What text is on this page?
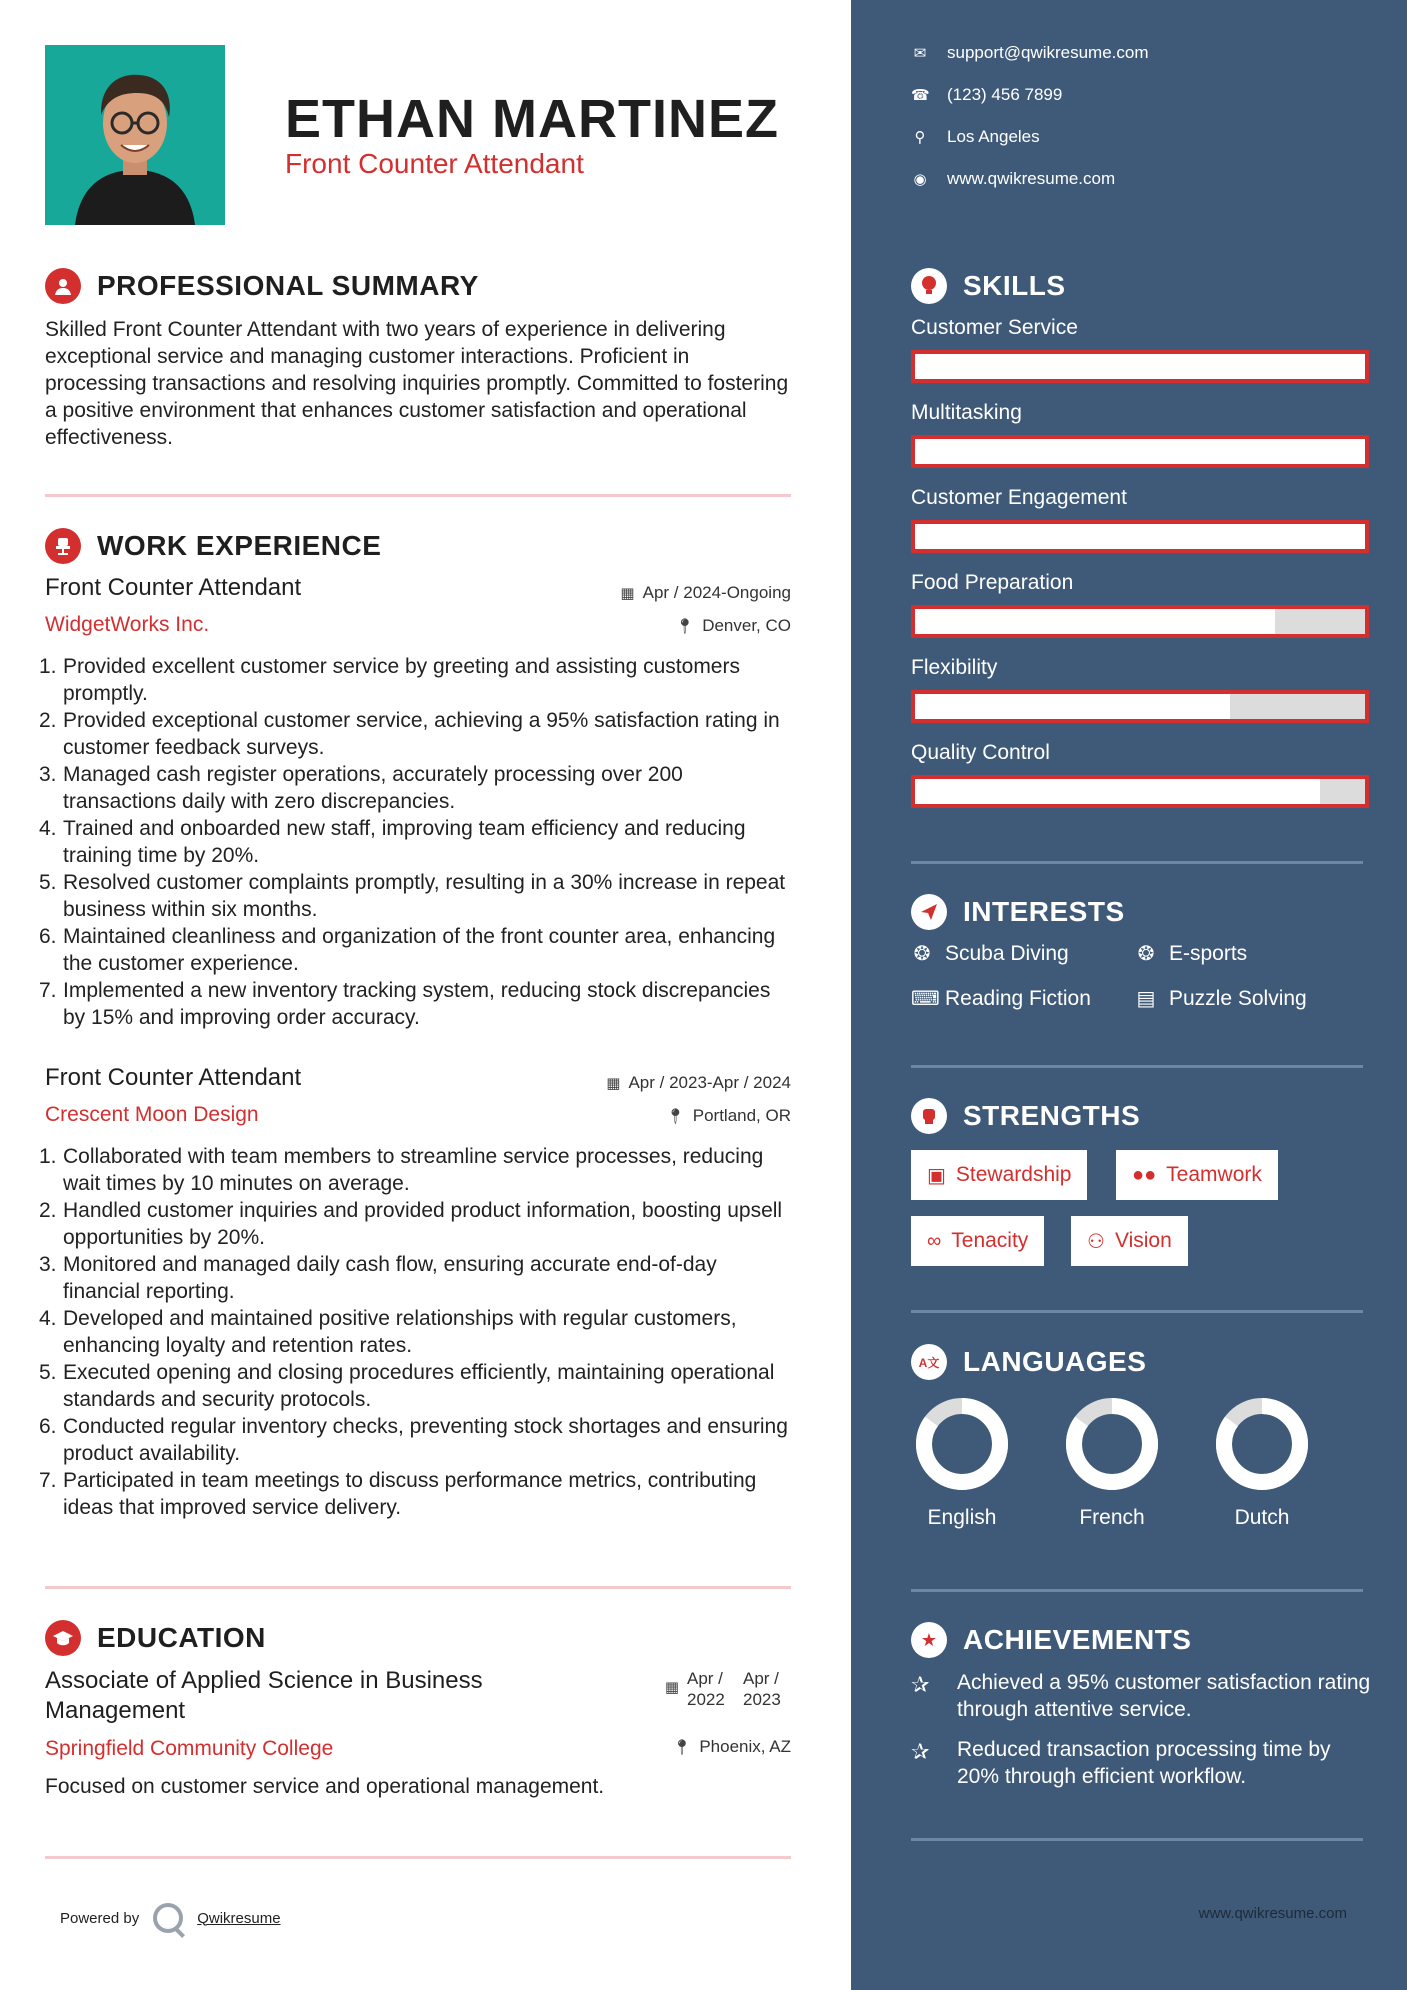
ETHAN MARTINEZ
Front Counter Attendant
PROFESSIONAL SUMMARY
Skilled Front Counter Attendant with two years of experience in delivering exceptional service and managing customer interactions. Proficient in processing transactions and resolving inquiries promptly. Committed to fostering a positive environment that enhances customer satisfaction and operational effectiveness.
WORK EXPERIENCE
Front Counter Attendant	▦ Apr / 2024-Ongoing
WidgetWorks Inc.	📍︎ Denver, CO
1. Provided excellent customer service by greeting and assisting customers promptly.
2. Provided exceptional customer service, achieving a 95% satisfaction rating in customer feedback surveys.
3. Managed cash register operations, accurately processing over 200 transactions daily with zero discrepancies.
4. Trained and onboarded new staff, improving team efficiency and reducing training time by 20%.
5. Resolved customer complaints promptly, resulting in a 30% increase in repeat business within six months.
6. Maintained cleanliness and organization of the front counter area, enhancing the customer experience.
7. Implemented a new inventory tracking system, reducing stock discrepancies by 15% and improving order accuracy.
Front Counter Attendant	▦ Apr / 2023-Apr / 2024
Crescent Moon Design	📍︎ Portland, OR
1. Collaborated with team members to streamline service processes, reducing wait times by 10 minutes on average.
2. Handled customer inquiries and provided product information, boosting upsell opportunities by 20%.
3. Monitored and managed daily cash flow, ensuring accurate end-of-day financial reporting.
4. Developed and maintained positive relationships with regular customers, enhancing loyalty and retention rates.
5. Executed opening and closing procedures efficiently, maintaining operational standards and security protocols.
6. Conducted regular inventory checks, preventing stock shortages and ensuring product availability.
7. Participated in team meetings to discuss performance metrics, contributing ideas that improved service delivery.
EDUCATION
Associate of Applied Science in Business Management
▦ Apr / 2022
Apr / 2023
Springfield Community College	📍︎ Phoenix, AZ
Focused on customer service and operational management.
Powered by	Qwikresume
✉ support@qwikresume.com
☎ (123) 456 7899
⚲ Los Angeles
◉ www.qwikresume.com
SKILLS
Customer Service
Multitasking
Customer Engagement
Food Preparation
Flexibility
Quality Control
INTERESTS
❂ Scuba Diving	❂ E-sports
⌨ Reading Fiction ▤ Puzzle Solving
STRENGTHS
▣ Stewardship	●● Teamwork
∞ Tenacity	⚇ Vision
A文 LANGUAGES
English	French	Dutch
★ ACHIEVEMENTS
✰	Achieved a 95% customer satisfaction rating through attentive service.
✰	Reduced transaction processing time by 20% through efficient workflow.
www.qwikresume.com
